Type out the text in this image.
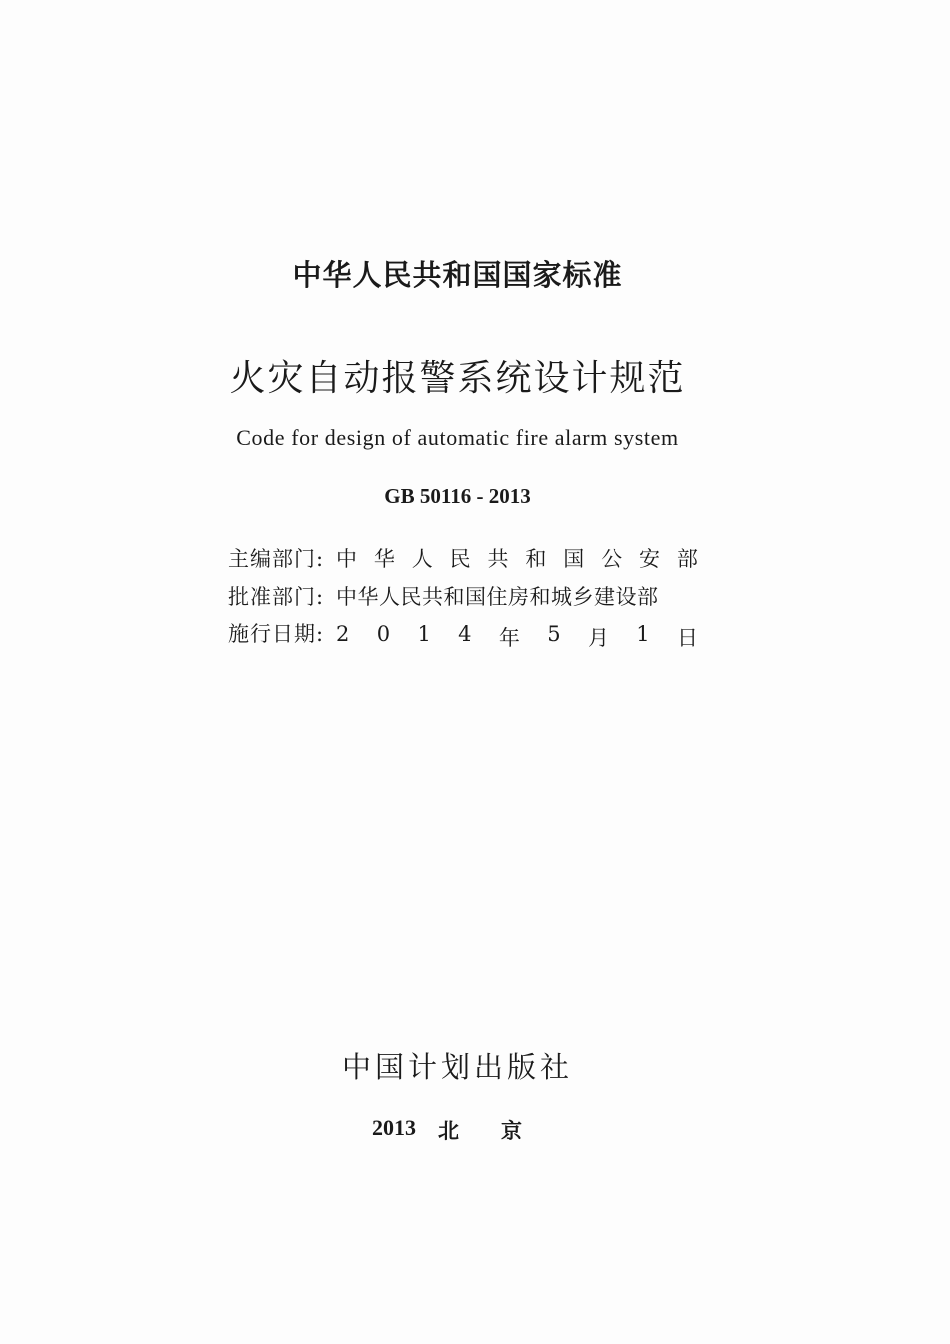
中华人民共和国国家标准
火灾自动报警系统设计规范
Code for design of automatic fire alarm system
GB 50116 - 2013
主编部门: 中 华 人 民 共 和 国 公 安 部
批准部门: 中华人民共和国住房和城乡建设部
施行日期: 2 0 1 4 年 5 月 1 日
中国计划出版社
2013	北京
